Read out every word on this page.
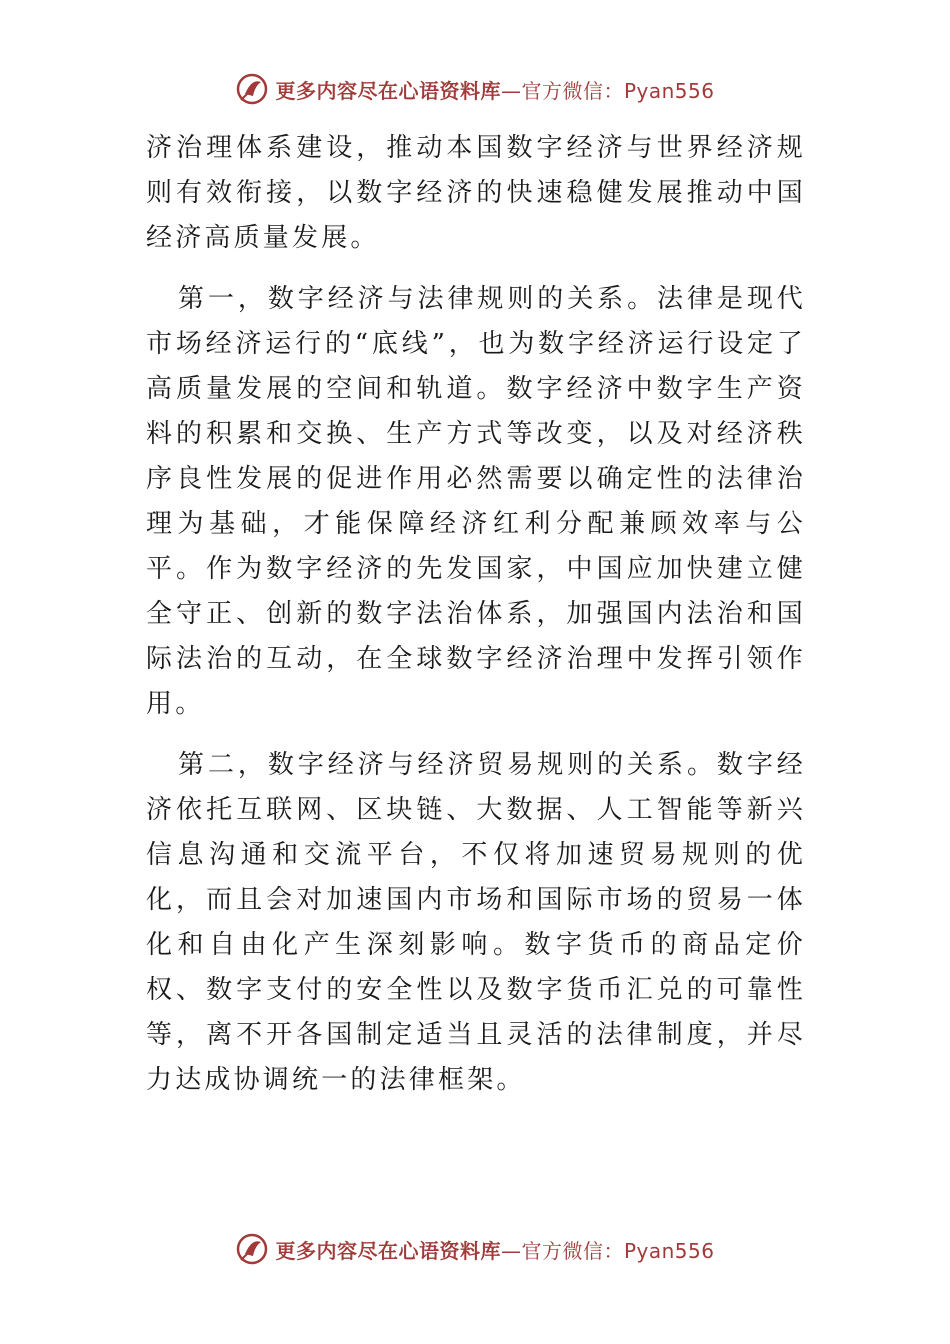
更多内容尽在心语资料库—官方微信：Pyan556

济治理体系建设，推动本国数字经济与世界经济规则有效衔接，以数字经济的快速稳健发展推动中国经济高质量发展。

第一，数字经济与法律规则的关系。法律是现代市场经济运行的“底线”，也为数字经济运行设定了高质量发展的空间和轨道。数字经济中数字生产资料的积累和交换、生产方式等改变，以及对经济秩序良性发展的促进作用必然需要以确定性的法律治理为基础，才能保障经济红利分配兼顾效率与公平。作为数字经济的先发国家，中国应加快建立健全守正、创新的数字法治体系，加强国内法治和国际法治的互动，在全球数字经济治理中发挥引领作用。

第二，数字经济与经济贸易规则的关系。数字经济依托互联网、区块链、大数据、人工智能等新兴信息沟通和交流平台，不仅将加速贸易规则的优化，而且会对加速国内市场和国际市场的贸易一体化和自由化产生深刻影响。数字货币的商品定价权、数字支付的安全性以及数字货币汇兑的可靠性等，离不开各国制定适当且灵活的法律制度，并尽力达成协调统一的法律框架。

更多内容尽在心语资料库—官方微信：Pyan556
